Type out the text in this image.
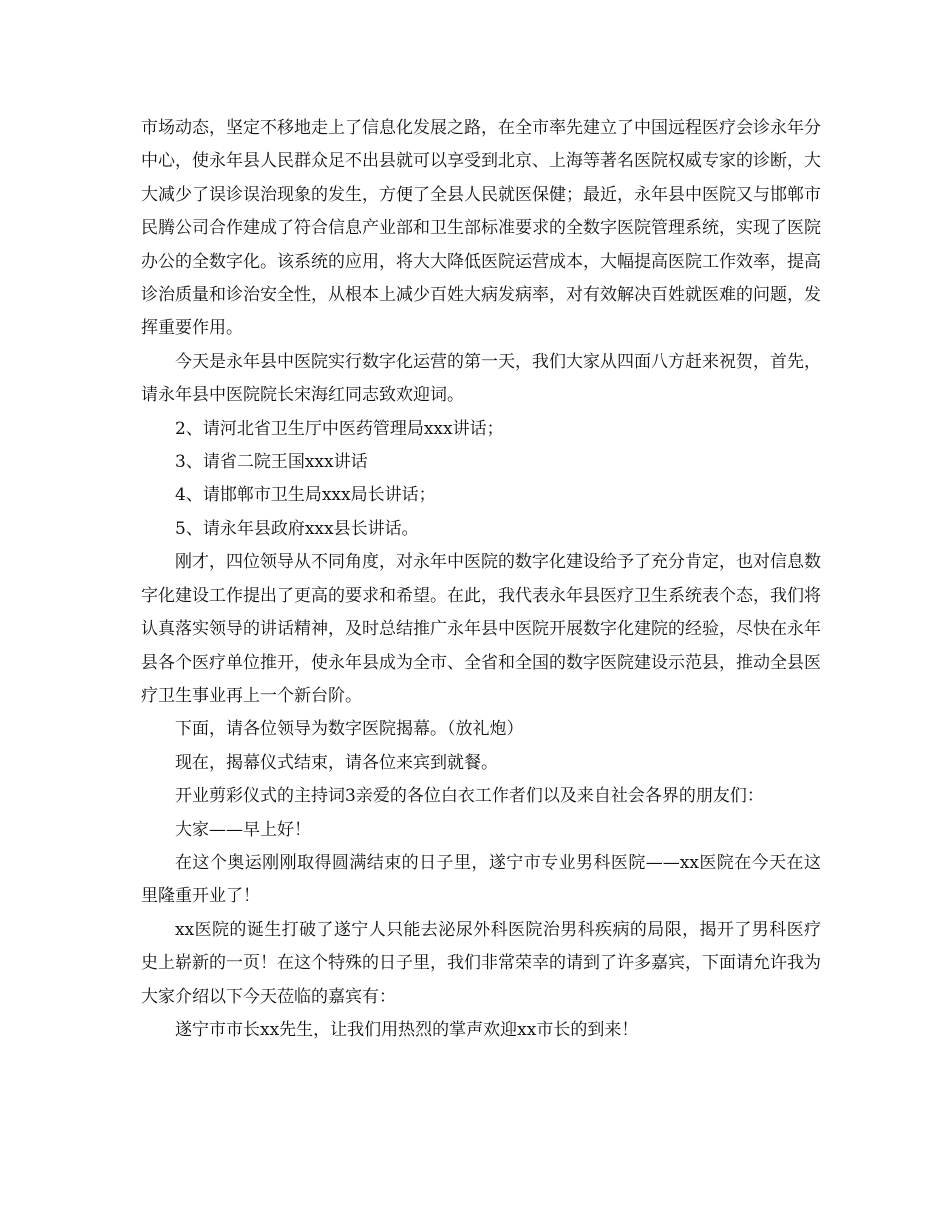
市场动态，坚定不移地走上了信息化发展之路，在全市率先建立了中国远程医疗会诊永年分中心，使永年县人民群众足不出县就可以享受到北京、上海等著名医院权威专家的诊断，大大减少了误诊误治现象的发生，方便了全县人民就医保健；最近，永年县中医院又与邯郸市民腾公司合作建成了符合信息产业部和卫生部标准要求的全数字医院管理系统，实现了医院办公的全数字化。该系统的应用，将大大降低医院运营成本，大幅提高医院工作效率，提高诊治质量和诊治安全性，从根本上减少百姓大病发病率，对有效解决百姓就医难的问题，发挥重要作用。

今天是永年县中医院实行数字化运营的第一天，我们大家从四面八方赶来祝贺，首先，请永年县中医院院长宋海红同志致欢迎词。

2、请河北省卫生厅中医药管理局xxx讲话；

3、请省二院王国xxx讲话

4、请邯郸市卫生局xxx局长讲话；

5、请永年县政府xxx县长讲话。

刚才，四位领导从不同角度，对永年中医院的数字化建设给予了充分肯定，也对信息数字化建设工作提出了更高的要求和希望。在此，我代表永年县医疗卫生系统表个态，我们将认真落实领导的讲话精神，及时总结推广永年县中医院开展数字化建院的经验，尽快在永年县各个医疗单位推开，使永年县成为全市、全省和全国的数字医院建设示范县，推动全县医疗卫生事业再上一个新台阶。

下面，请各位领导为数字医院揭幕。（放礼炮）

现在，揭幕仪式结束，请各位来宾到就餐。

开业剪彩仪式的主持词3亲爱的各位白衣工作者们以及来自社会各界的朋友们：

大家——早上好！

在这个奥运刚刚取得圆满结束的日子里，遂宁市专业男科医院——xx医院在今天在这里隆重开业了！

xx医院的诞生打破了遂宁人只能去泌尿外科医院治男科疾病的局限，揭开了男科医疗史上崭新的一页！在这个特殊的日子里，我们非常荣幸的请到了许多嘉宾，下面请允许我为大家介绍以下今天莅临的嘉宾有：

遂宁市市长xx先生，让我们用热烈的掌声欢迎xx市长的到来！
